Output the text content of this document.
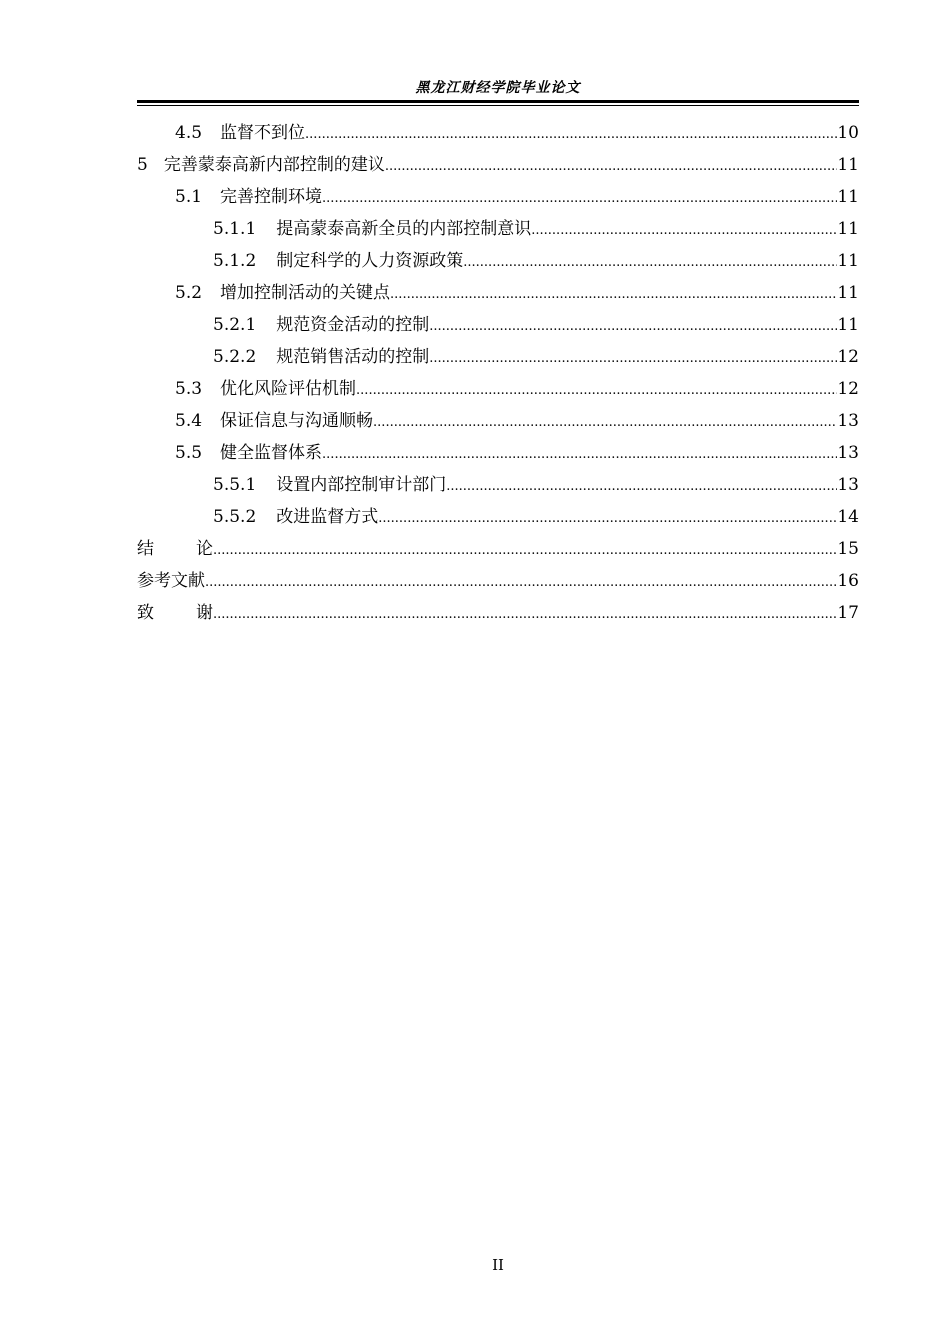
黑龙江财经学院毕业论文
4.5 监督不到位 .....	10
5 完善蒙泰高新内部控制的建议 .....	11
5.1 完善控制环境 .....	11
5.1.1 提高蒙泰高新全员的内部控制意识 .....	11
5.1.2 制定科学的人力资源政策 .....	11
5.2 增加控制活动的关键点 .....	11
5.2.1 规范资金活动的控制 .....	11
5.2.2 规范销售活动的控制 .....	12
5.3 优化风险评估机制 .....	12
5.4 保证信息与沟通顺畅 .....	13
5.5 健全监督体系 .....	13
5.5.1 设置内部控制审计部门 .....	13
5.5.2 改进监督方式 .....	14
结论 .....	15
参考文献 .....	16
致谢 .....	17
II
